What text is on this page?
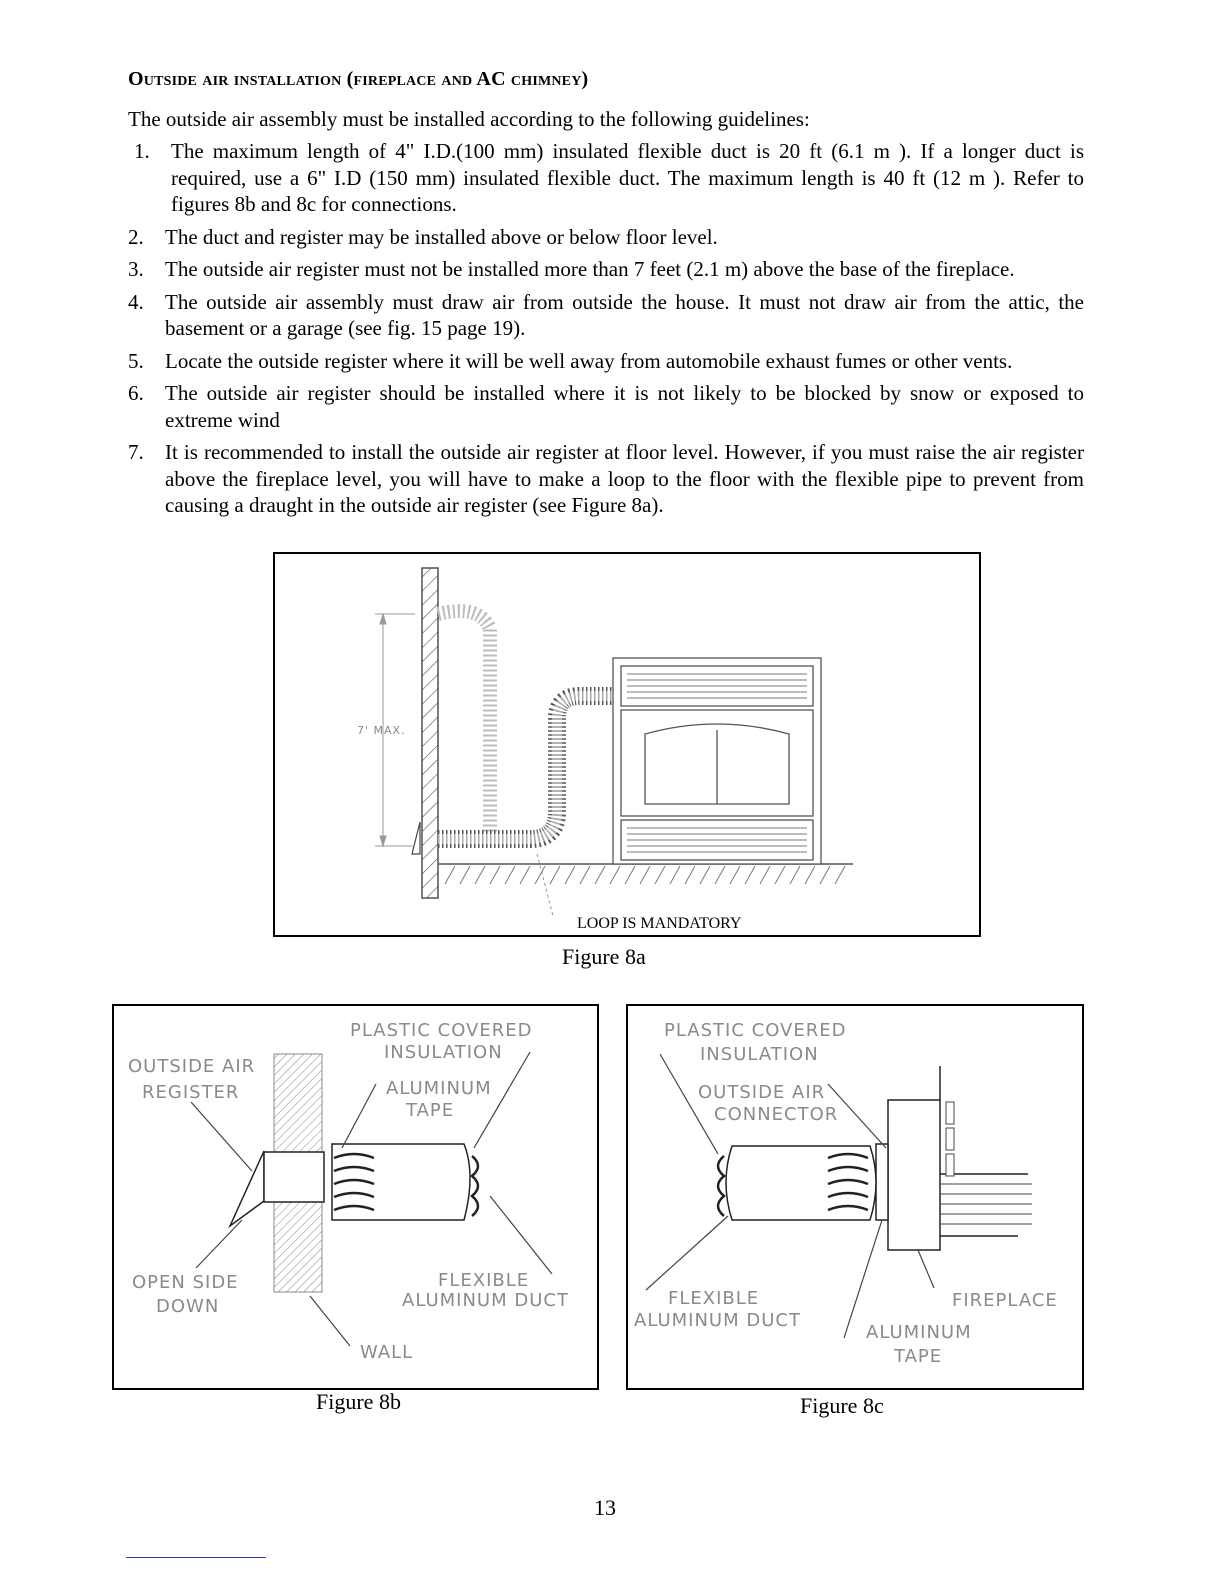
Outside air installation (fireplace and AC chimney)

The outside air assembly must be installed according to the following guidelines:

1. The maximum length of 4" I.D.(100 mm) insulated flexible duct is 20 ft (6.1 m ). If a longer duct is required, use a 6" I.D (150 mm) insulated flexible duct. The maximum length is 40 ft (12 m ). Refer to figures 8b and 8c for connections.
2. The duct and register may be installed above or below floor level.
3. The outside air register must not be installed more than 7 feet (2.1 m) above the base of the fireplace.
4. The outside air assembly must draw air from outside the house. It must not draw air from the attic, the basement or a garage (see fig. 15 page 19).
5. Locate the outside register where it will be well away from automobile exhaust fumes or other vents.
6. The outside air register should be installed where it is not likely to be blocked by snow or exposed to extreme wind
7. It is recommended to install the outside air register at floor level. However, if you must raise the air register above the fireplace level, you will have to make a loop to the floor with the flexible pipe to prevent from causing a draught in the outside air register (see Figure 8a).
7' MAX.
LOOP IS MANDATORY

Figure 8a

PLASTIC COVERED
INSULATION
OUTSIDE AIR
REGISTER	ALUMINUM
TAPE
OPEN SIDE
DOWN
FLEXIBLE
ALUMINUM DUCT
WALL

Figure 8b

PLASTIC COVERED
INSULATION
OUTSIDE AIR
CONNECTOR
FLEXIBLE
ALUMINUM DUCT
FIREPLACE
ALUMINUM
TAPE

Figure 8c

13
